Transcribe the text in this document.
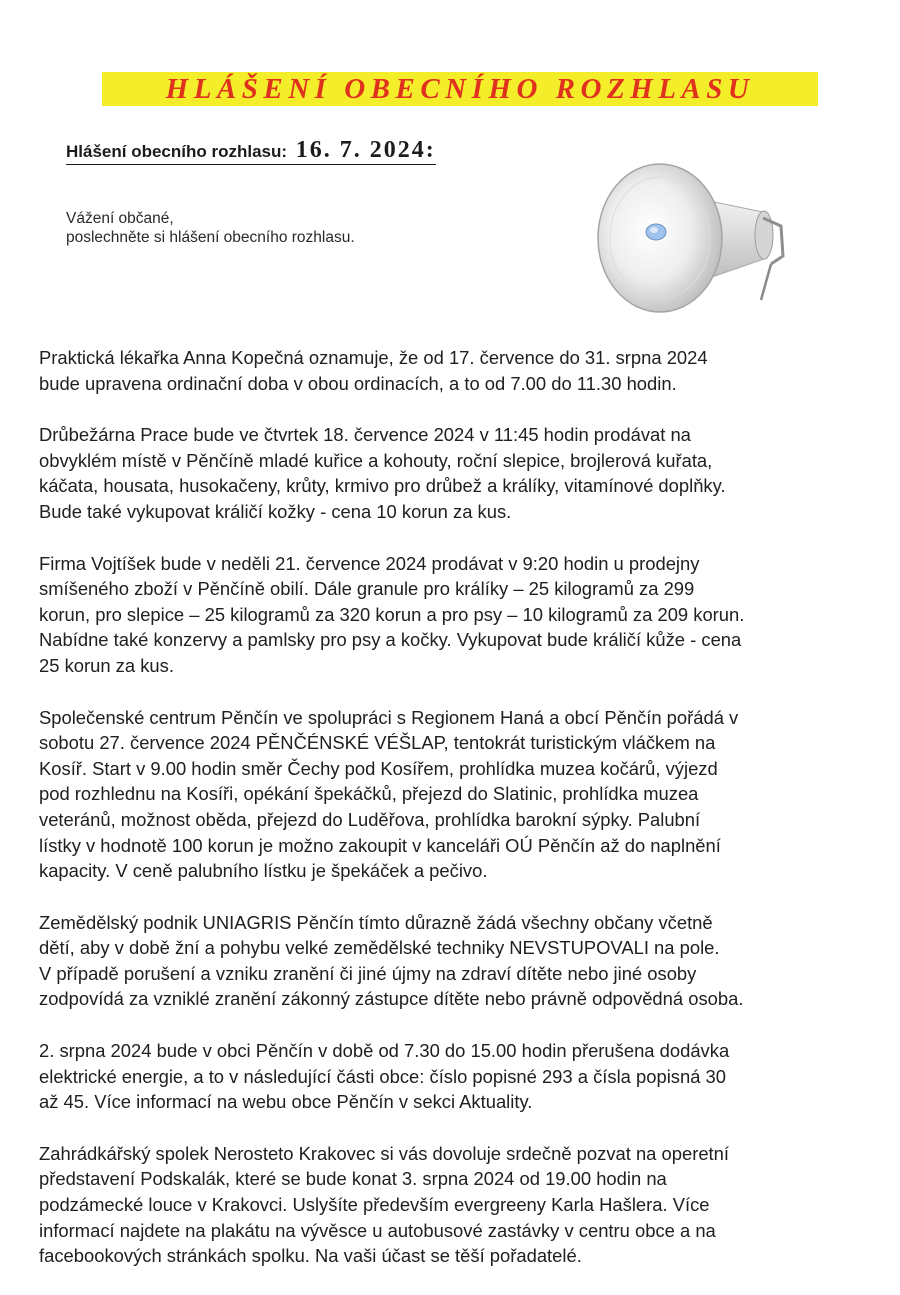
HLÁŠENÍ OBECNÍHO ROZHLASU
Hlášení obecního rozhlasu: 16. 7. 2024:
Vážení občané,
poslechněte si hlášení obecního rozhlasu.

Praktická lékařka Anna Kopečná oznamuje, že od 17. července do 31. srpna 2024
bude upravena ordinační doba v obou ordinacích, a to od 7.00 do 11.30 hodin.

Drůbežárna Prace bude ve čtvrtek 18. července 2024 v 11:45 hodin prodávat na
obvyklém místě v Pěnčíně mladé kuřice a kohouty, roční slepice, brojlerová kuřata,
káčata, housata, husokačeny, krůty, krmivo pro drůbež a králíky, vitamínové doplňky.
Bude také vykupovat králičí kožky - cena 10 korun za kus.

Firma Vojtíšek bude v neděli 21. července 2024 prodávat v 9:20 hodin u prodejny
smíšeného zboží v Pěnčíně obilí. Dále granule pro králíky – 25 kilogramů za 299
korun, pro slepice – 25 kilogramů za 320 korun a pro psy – 10 kilogramů za 209 korun.
Nabídne také konzervy a pamlsky pro psy a kočky. Vykupovat bude králičí kůže - cena
25 korun za kus.

Společenské centrum Pěnčín ve spolupráci s Regionem Haná a obcí Pěnčín pořádá v
sobotu 27. července 2024 PĚNČÉNSKÉ VÉŠLAP, tentokrát turistickým vláčkem na
Kosíř. Start v 9.00 hodin směr Čechy pod Kosířem, prohlídka muzea kočárů, výjezd
pod rozhlednu na Kosíři, opékání špekáčků, přejezd do Slatinic, prohlídka muzea
veteránů, možnost oběda, přejezd do Luděřova, prohlídka barokní sýpky. Palubní
lístky v hodnotě 100 korun je možno zakoupit v kanceláři OÚ Pěnčín až do naplnění
kapacity. V ceně palubního lístku je špekáček a pečivo.

Zemědělský podnik UNIAGRIS Pěnčín tímto důrazně žádá všechny občany včetně
dětí, aby v době žní a pohybu velké zemědělské techniky NEVSTUPOVALI na pole.
V případě porušení a vzniku zranění či jiné újmy na zdraví dítěte nebo jiné osoby
zodpovídá za vzniklé zranění zákonný zástupce dítěte nebo právně odpovědná osoba.

2. srpna 2024 bude v obci Pěnčín v době od 7.30 do 15.00 hodin přerušena dodávka
elektrické energie, a to v následující části obce: číslo popisné 293 a čísla popisná 30
až 45. Více informací na webu obce Pěnčín v sekci Aktuality.

Zahrádkářský spolek Nerosteto Krakovec si vás dovoluje srdečně pozvat na operetní
představení Podskalák, které se bude konat 3. srpna 2024 od 19.00 hodin na
podzámecké louce v Krakovci. Uslyšíte především evergreeny Karla Hašlera. Více
informací najdete na plakátu na vývěsce u autobusové zastávky v centru obce a na
facebookových stránkách spolku. Na vaši účast se těší pořadatelé.
